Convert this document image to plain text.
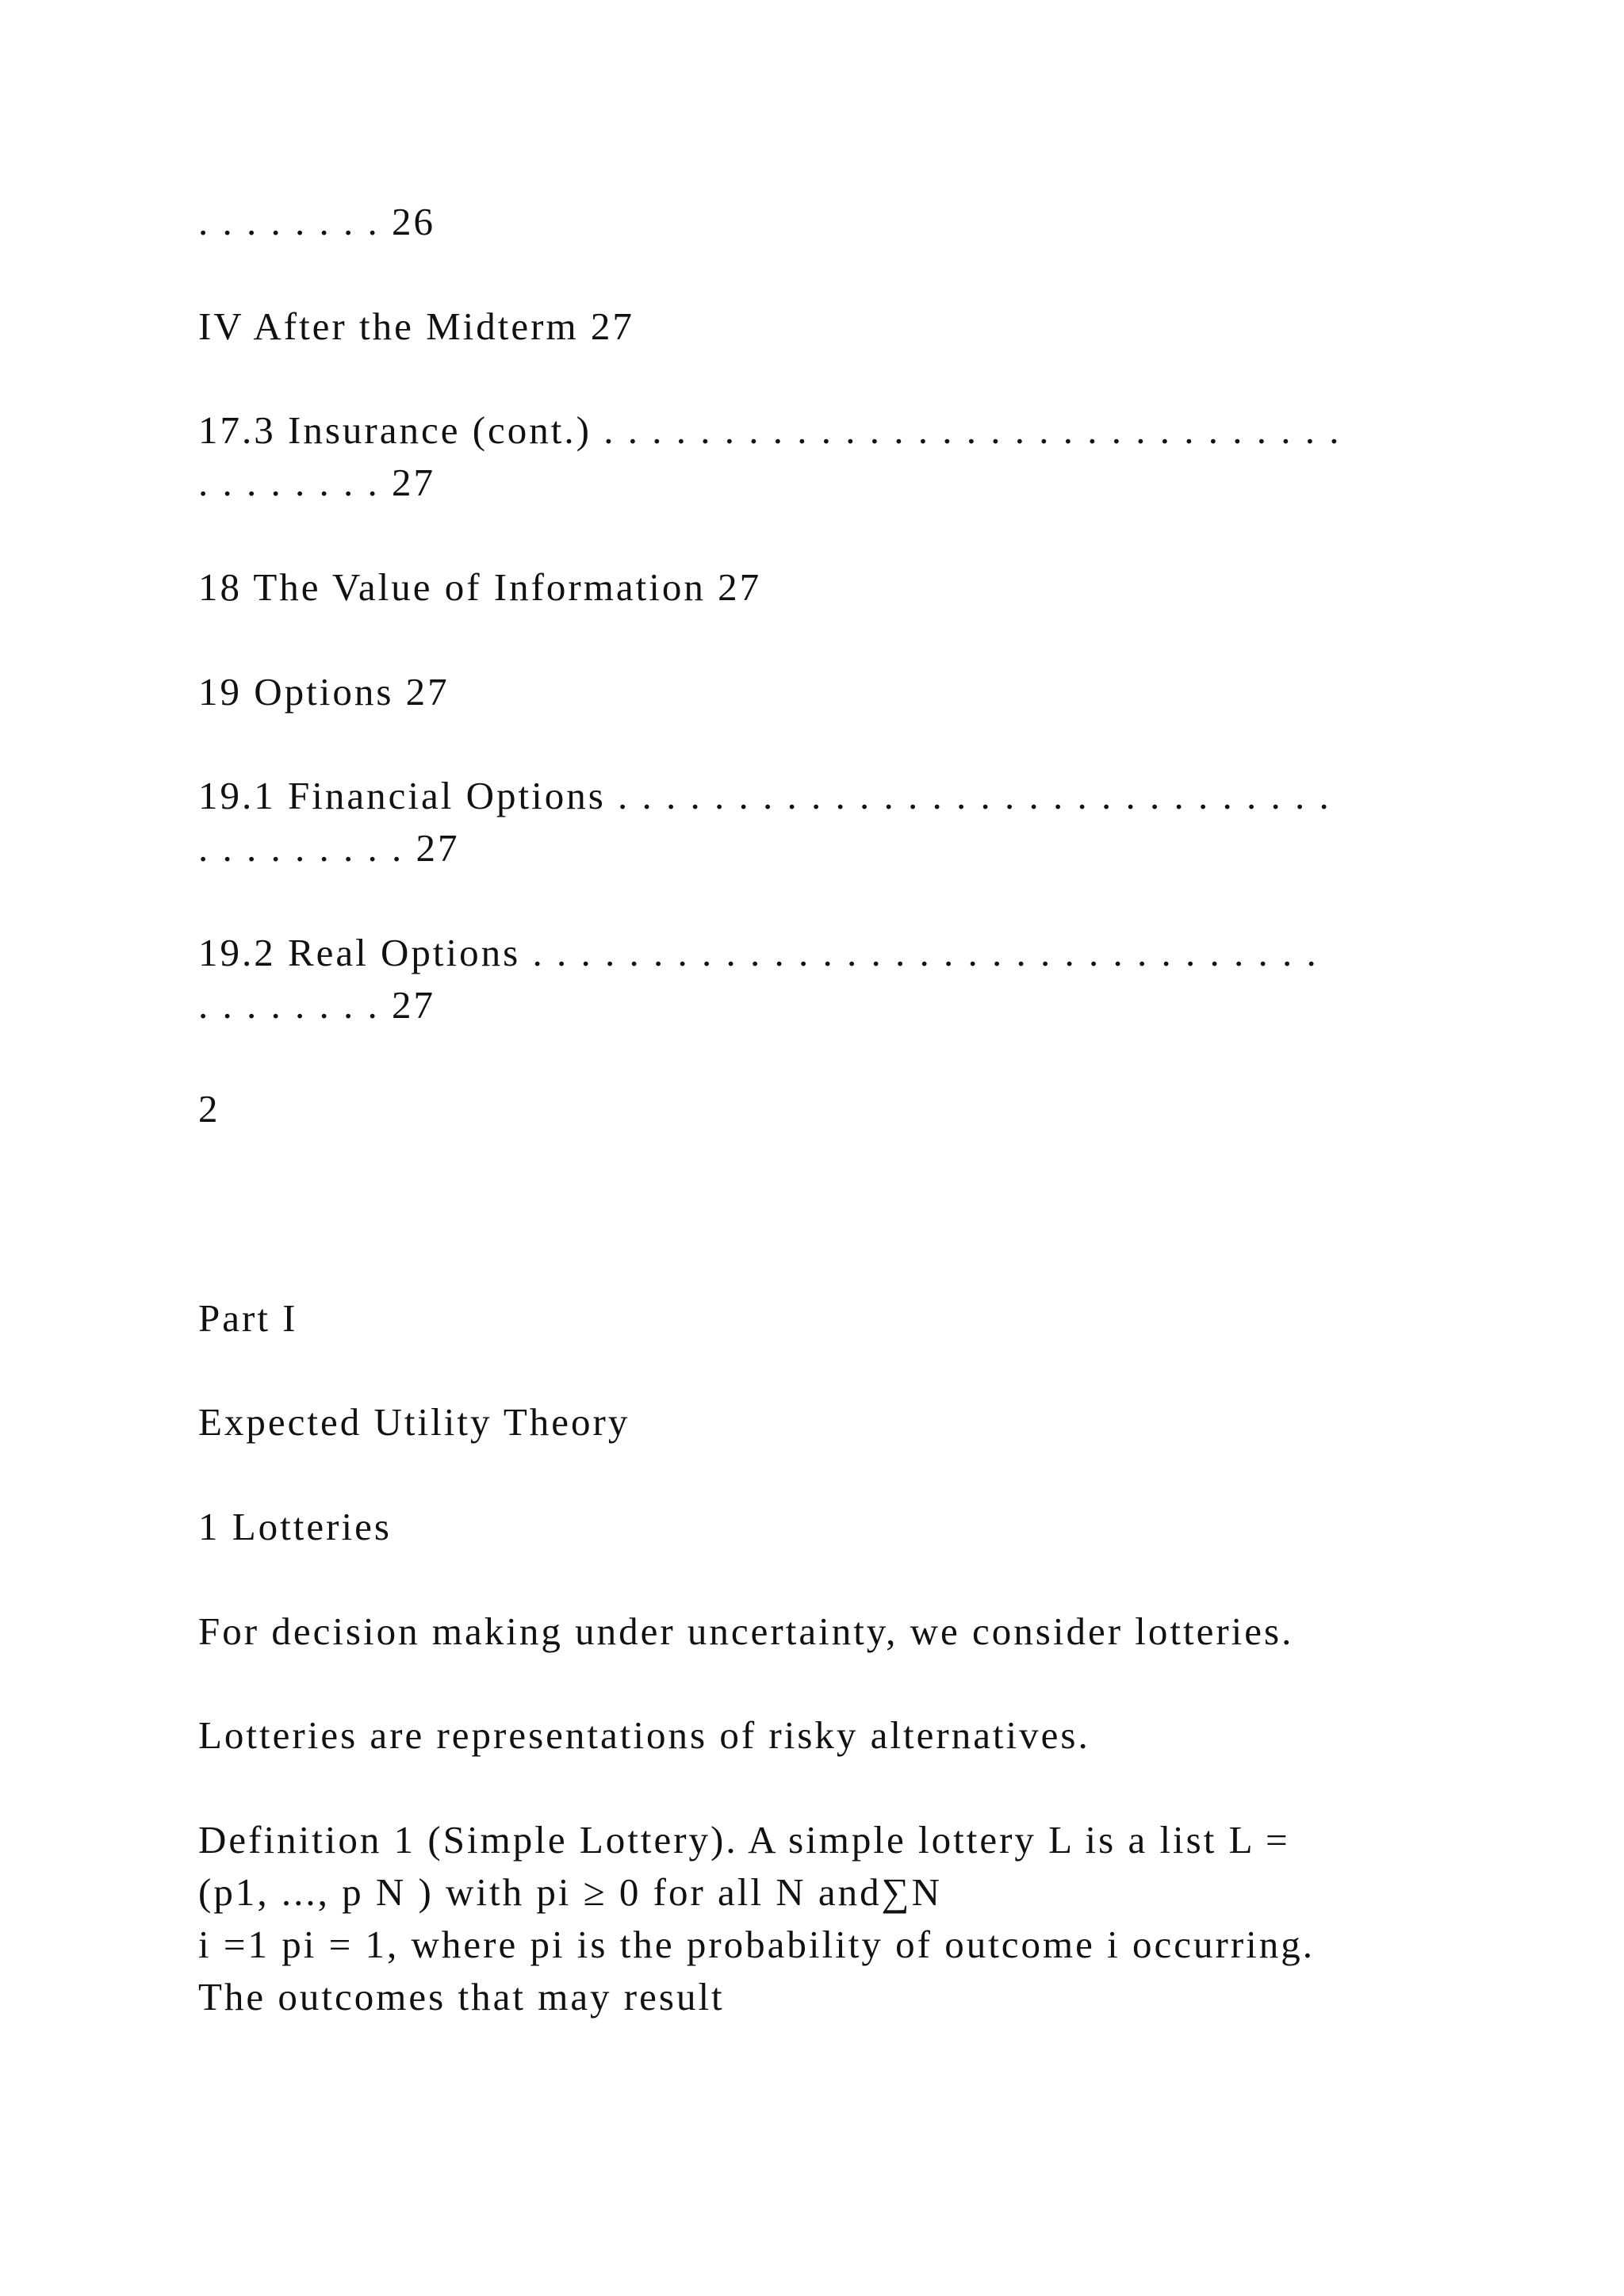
. . . . . . . . 26
IV After the Midterm 27
17.3 Insurance (cont.) . . . . . . . . . . . . . . . . . . . . . . . . . . . . . . .
. . . . . . . . 27
18 The Value of Information 27
19 Options 27
19.1 Financial Options . . . . . . . . . . . . . . . . . . . . . . . . . . . . . .
. . . . . . . . . 27
19.2 Real Options . . . . . . . . . . . . . . . . . . . . . . . . . . . . . . . . .
. . . . . . . . 27
2
Part I
Expected Utility Theory
1 Lotteries
For decision making under uncertainty, we consider lotteries.
Lotteries are representations of risky alternatives.
Definition 1 (Simple Lottery). A simple lottery L is a list L =
(p1, ..., p N ) with pi ≥ 0 for all N and∑N
i =1 pi = 1, where pi is the probability of outcome i occurring.
The outcomes that may result
